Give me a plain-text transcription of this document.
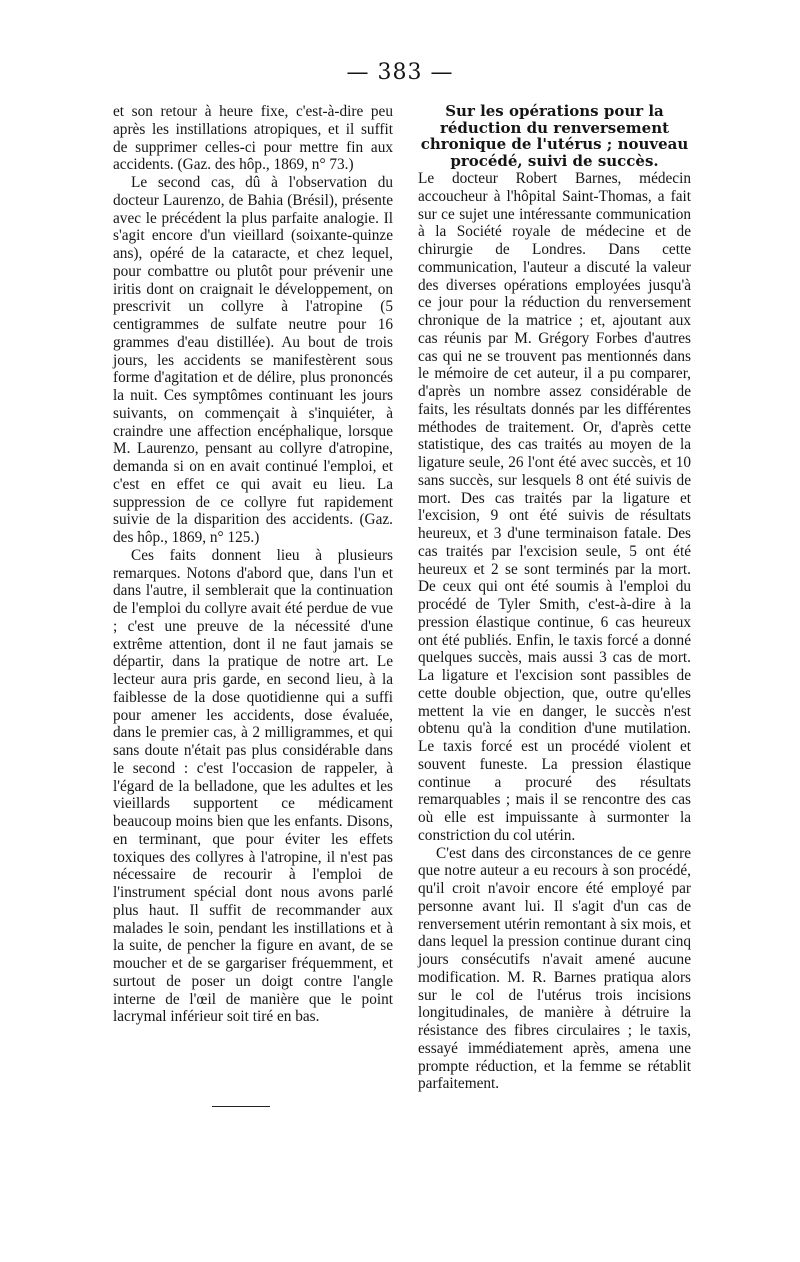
— 383 —

et son retour à heure fixe, c'est-à-dire peu après les instillations atropiques, et il suffit de supprimer celles-ci pour mettre fin aux accidents. (Gaz. des hôp., 1869, n° 73.)

Le second cas, dû à l'observation du docteur Laurenzo, de Bahia (Brésil), présente avec le précédent la plus parfaite analogie. Il s'agit encore d'un vieillard (soixante-quinze ans), opéré de la cataracte, et chez lequel, pour combattre ou plutôt pour prévenir une iritis dont on craignait le développement, on prescrivit un collyre à l'atropine (5 centigrammes de sulfate neutre pour 16 grammes d'eau distillée). Au bout de trois jours, les accidents se manifestèrent sous forme d'agitation et de délire, plus prononcés la nuit. Ces symptômes continuant les jours suivants, on commençait à s'inquiéter, à craindre une affection encéphalique, lorsque M. Laurenzo, pensant au collyre d'atropine, demanda si on en avait continué l'emploi, et c'est en effet ce qui avait eu lieu. La suppression de ce collyre fut rapidement suivie de la disparition des accidents. (Gaz. des hôp., 1869, n° 125.)

Ces faits donnent lieu à plusieurs remarques. Notons d'abord que, dans l'un et dans l'autre, il semblerait que la continuation de l'emploi du collyre avait été perdue de vue ; c'est une preuve de la nécessité d'une extrême attention, dont il ne faut jamais se départir, dans la pratique de notre art. Le lecteur aura pris garde, en second lieu, à la faiblesse de la dose quotidienne qui a suffi pour amener les accidents, dose évaluée, dans le premier cas, à 2 milligrammes, et qui sans doute n'était pas plus considérable dans le second : c'est l'occasion de rappeler, à l'égard de la belladone, que les adultes et les vieillards supportent ce médicament beaucoup moins bien que les enfants. Disons, en terminant, que pour éviter les effets toxiques des collyres à l'atropine, il n'est pas nécessaire de recourir à l'emploi de l'instrument spécial dont nous avons parlé plus haut. Il suffit de recommander aux malades le soin, pendant les instillations et à la suite, de pencher la figure en avant, de se moucher et de se gargariser fréquemment, et surtout de poser un doigt contre l'angle interne de l'œil de manière que le point lacrymal inférieur soit tiré en bas.

Sur les opérations pour la réduction du renversement chronique de l'utérus ; nouveau procédé, suivi de succès.

Le docteur Robert Barnes, médecin accoucheur à l'hôpital Saint-Thomas, a fait sur ce sujet une intéressante communication à la Société royale de médecine et de chirurgie de Londres. Dans cette communication, l'auteur a discuté la valeur des diverses opérations employées jusqu'à ce jour pour la réduction du renversement chronique de la matrice ; et, ajoutant aux cas réunis par M. Grégory Forbes d'autres cas qui ne se trouvent pas mentionnés dans le mémoire de cet auteur, il a pu comparer, d'après un nombre assez considérable de faits, les résultats donnés par les différentes méthodes de traitement. Or, d'après cette statistique, des cas traités au moyen de la ligature seule, 26 l'ont été avec succès, et 10 sans succès, sur lesquels 8 ont été suivis de mort. Des cas traités par la ligature et l'excision, 9 ont été suivis de résultats heureux, et 3 d'une terminaison fatale. Des cas traités par l'excision seule, 5 ont été heureux et 2 se sont terminés par la mort. De ceux qui ont été soumis à l'emploi du procédé de Tyler Smith, c'est-à-dire à la pression élastique continue, 6 cas heureux ont été publiés. Enfin, le taxis forcé a donné quelques succès, mais aussi 3 cas de mort. La ligature et l'excision sont passibles de cette double objection, que, outre qu'elles mettent la vie en danger, le succès n'est obtenu qu'à la condition d'une mutilation. Le taxis forcé est un procédé violent et souvent funeste. La pression élastique continue a procuré des résultats remarquables ; mais il se rencontre des cas où elle est impuissante à surmonter la constriction du col utérin.

C'est dans des circonstances de ce genre que notre auteur a eu recours à son procédé, qu'il croit n'avoir encore été employé par personne avant lui. Il s'agit d'un cas de renversement utérin remontant à six mois, et dans lequel la pression continue durant cinq jours consécutifs n'avait amené aucune modification. M. R. Barnes pratiqua alors sur le col de l'utérus trois incisions longitudinales, de manière à détruire la résistance des fibres circulaires ; le taxis, essayé immédiatement après, amena une prompte réduction, et la femme se rétablit parfaitement.
